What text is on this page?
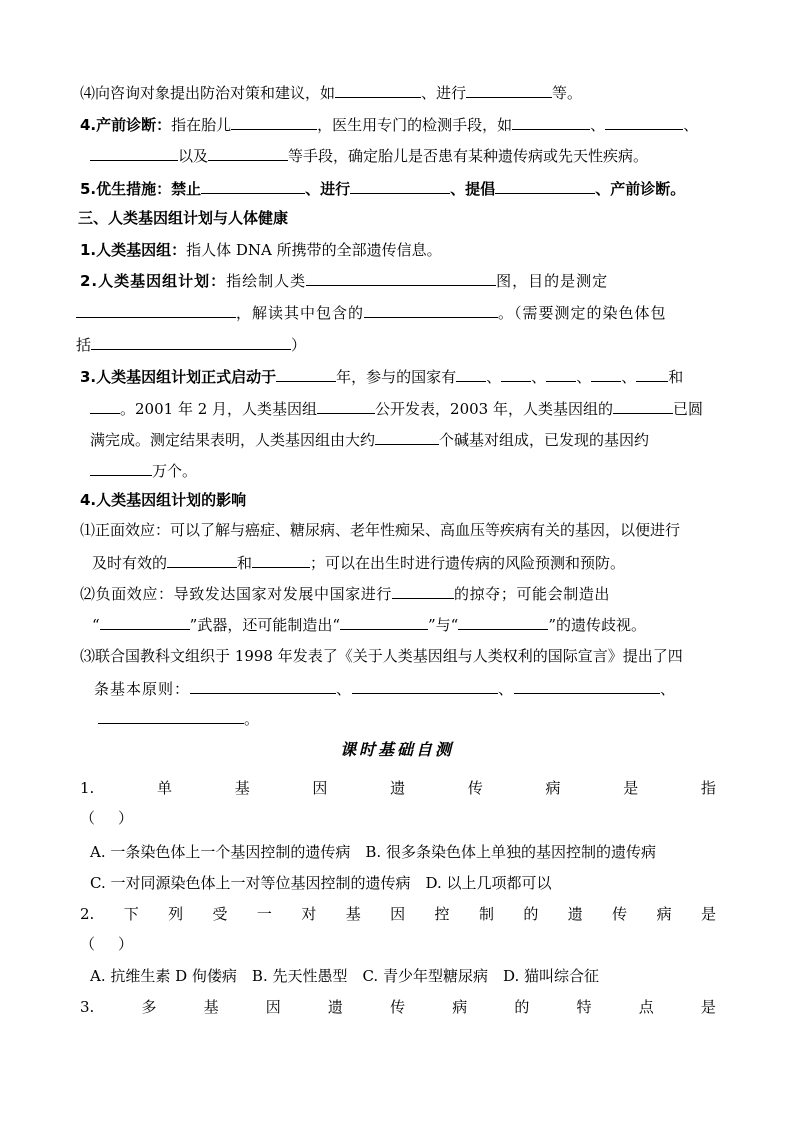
⑷向咨询对象提出防治对策和建议，如	、进行	等。
4.产前诊断：指在胎儿	，医生用专门的检测手段，如	、	、
以及	等手段，确定胎儿是否患有某种遗传病或先天性疾病。
5.优生措施：禁止	、进行	、提倡	、产前诊断。
三、人类基因组计划与人体健康
1.人类基因组：指人体 DNA 所携带的全部遗传信息。
2.人类基因组计划：指绘制人类	图，目的是测定
，解读其中包含的	。（需要测定的染色体包
括	）
3.人类基因组计划正式启动于	年，参与的国家有 、 、 、 、 和
。2001 年 2 月，人类基因组	公开发表，2003 年，人类基因组的	已圆
满完成。测定结果表明，人类基因组由大约	个碱基对组成，已发现的基因约
万个。
4.人类基因组计划的影响
⑴正面效应：可以了解与癌症、糖尿病、老年性痴呆、高血压等疾病有关的基因，以便进行
及时有效的	和	；可以在出生时进行遗传病的风险预测和预防。
⑵负面效应：导致发达国家对发展中国家进行	的掠夺；可能会制造出
“	”武器，还可能制造出“	”与“	”的遗传歧视。
⑶联合国教科文组织于 1998 年发表了《关于人类基因组与人类权利的国际宣言》提出了四
条基本原则：	、	、	、
。
课时基础自测
1.	单	基	因	遗	传	病	是	指
（　）
A. 一条染色体上一个基因控制的遗传病　 B. 很多条染色体上单独的基因控制的遗传病
C. 一对同源染色体上一对等位基因控制的遗传病　 D. 以上几项都可以
2. 下 列 受 一 对 基 因 控 制 的 遗 传 病 是
（　）
A. 抗维生素 D 佝偻病　B. 先天性愚型　C. 青少年型糖尿病　D. 猫叫综合征
3.	多	基	因	遗	传	病	的	特	点	是
